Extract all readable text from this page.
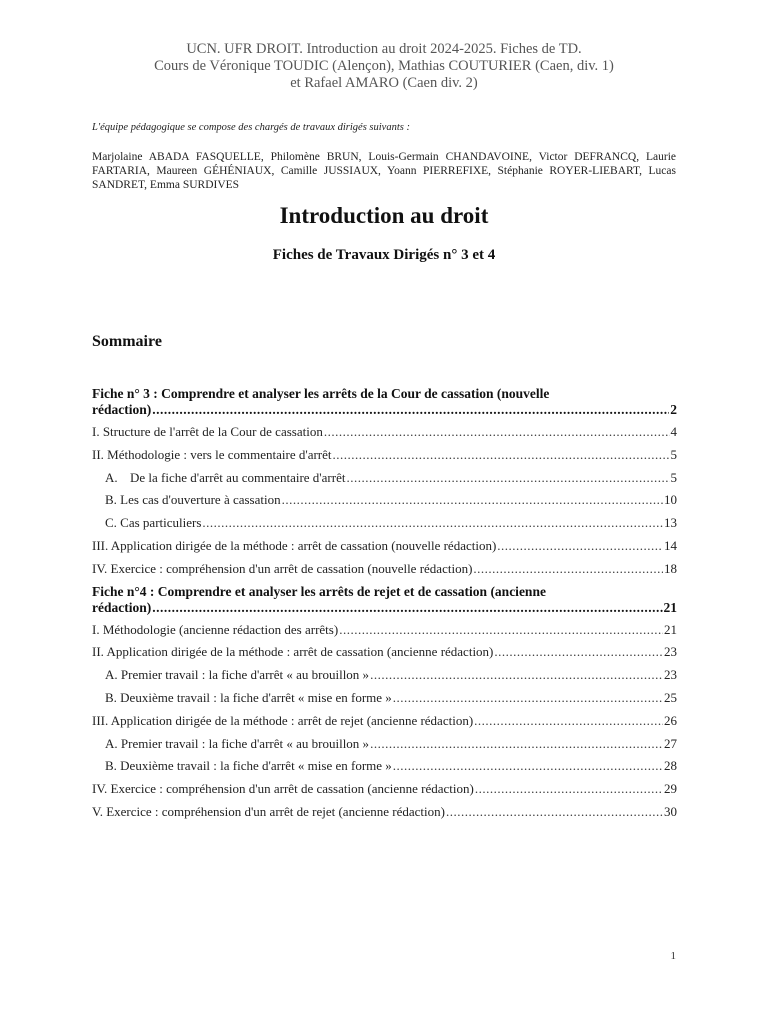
UCN. UFR DROIT. Introduction au droit 2024-2025. Fiches de TD.
Cours de Véronique TOUDIC (Alençon), Mathias COUTURIER (Caen, div. 1)
et Rafael AMARO (Caen div. 2)
L'équipe pédagogique se compose des chargés de travaux dirigés suivants :
Marjolaine ABADA FASQUELLE, Philomène BRUN, Louis-Germain CHANDAVOINE, Victor DEFRANCQ, Laurie FARTARIA, Maureen GÉHÉNIAUX, Camille JUSSIAUX, Yoann PIERREFIXE, Stéphanie ROYER-LIEBART, Lucas SANDRET, Emma SURDIVES
Introduction au droit
Fiches de Travaux Dirigés n° 3 et 4
Sommaire
Fiche n° 3 : Comprendre et analyser les arrêts de la Cour de cassation (nouvelle
rédaction) .....	2
I. Structure de l'arrêt de la Cour de cassation .....	4
II. Méthodologie : vers le commentaire d'arrêt .....	5
A. De la fiche d'arrêt au commentaire d'arrêt .....	5
B. Les cas d'ouverture à cassation .....	10
C. Cas particuliers .....	13
III. Application dirigée de la méthode : arrêt de cassation (nouvelle rédaction) .....	14
IV. Exercice : compréhension d'un arrêt de cassation (nouvelle rédaction) .....	18
Fiche n°4 : Comprendre et analyser les arrêts de rejet et de cassation (ancienne
rédaction) .....	21
I. Méthodologie (ancienne rédaction des arrêts) .....	21
II. Application dirigée de la méthode : arrêt de cassation (ancienne rédaction) .....	23
A. Premier travail : la fiche d'arrêt « au brouillon » .....	23
B. Deuxième travail : la fiche d'arrêt « mise en forme » .....	25
III. Application dirigée de la méthode : arrêt de rejet (ancienne rédaction) .....	26
A. Premier travail : la fiche d'arrêt « au brouillon » .....	27
B. Deuxième travail : la fiche d'arrêt « mise en forme » .....	28
IV. Exercice : compréhension d'un arrêt de cassation (ancienne rédaction) .....	29
V. Exercice : compréhension d'un arrêt de rejet (ancienne rédaction) .....	30
1
